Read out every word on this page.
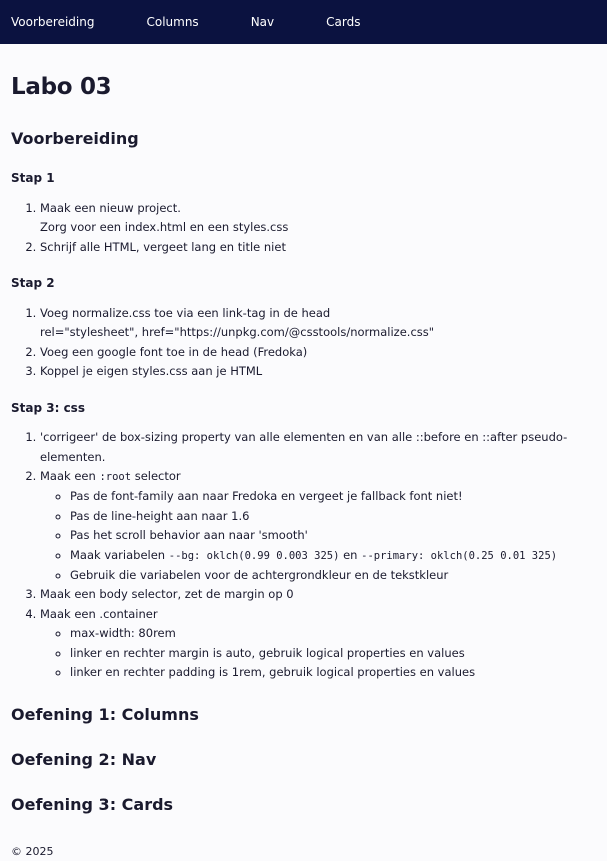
Voorbereiding	Columns	Nav	Cards
Labo 03
Voorbereiding
Stap 1
1. Maak een nieuw project.
Zorg voor een index.html en een styles.css
2. Schrijf alle HTML, vergeet lang en title niet
Stap 2
1. Voeg normalize.css toe via een link-tag in de head
rel="stylesheet", href="https://unpkg.com/@csstools/normalize.css"
2. Voeg een google font toe in de head (Fredoka)
3. Koppel je eigen styles.css aan je HTML
Stap 3: css
1. 'corrigeer' de box-sizing property van alle elementen en van alle ::before en ::after pseudo-elementen.
2. Maak een :root selector
◦ Pas de font-family aan naar Fredoka en vergeet je fallback font niet!
◦ Pas de line-height aan naar 1.6
◦ Pas het scroll behavior aan naar 'smooth'
◦ Maak variabelen --bg: oklch(0.99 0.003 325) en --primary: oklch(0.25 0.01 325)
◦ Gebruik die variabelen voor de achtergrondkleur en de tekstkleur
3. Maak een body selector, zet de margin op 0
4. Maak een .container
◦ max-width: 80rem
◦ linker en rechter margin is auto, gebruik logical properties en values
◦ linker en rechter padding is 1rem, gebruik logical properties en values
Oefening 1: Columns
Oefening 2: Nav
Oefening 3: Cards
© 2025
